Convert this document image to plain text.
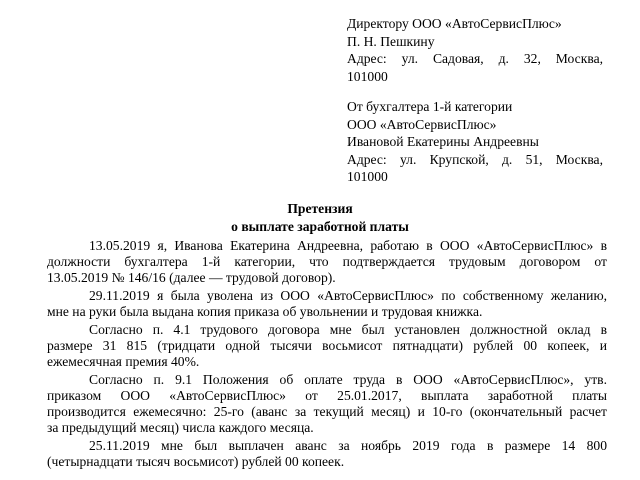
Директору ООО «АвтоСервисПлюс»
П. Н. Пешкину
Адрес: ул. Садовая, д. 32, Москва,
101000
От бухгалтера 1-й категории
ООО «АвтоСервисПлюс»
Ивановой Екатерины Андреевны
Адрес: ул. Крупской, д. 51, Москва,
101000
Претензия
о выплате заработной платы
13.05.2019 я, Иванова Екатерина Андреевна, работаю в ООО «АвтоСервисПлюс» в
должности бухгалтера 1-й категории, что подтверждается трудовым договором от
13.05.2019 № 146/16 (далее — трудовой договор).
29.11.2019 я была уволена из ООО «АвтоСервисПлюс» по собственному желанию,
мне на руки была выдана копия приказа об увольнении и трудовая книжка.
Согласно п. 4.1 трудового договора мне был установлен должностной оклад в
размере 31 815 (тридцати одной тысячи восьмисот пятнадцати) рублей 00 копеек, и
ежемесячная премия 40%.
Согласно п. 9.1 Положения об оплате труда в ООО «АвтоСервисПлюс», утв.
приказом ООО «АвтоСервисПлюс» от 25.01.2017, выплата заработной платы
производится ежемесячно: 25-го (аванс за текущий месяц) и 10-го (окончательный расчет
за предыдущий месяц) числа каждого месяца.
25.11.2019 мне был выплачен аванс за ноябрь 2019 года в размере 14 800
(четырнадцати тысяч восьмисот) рублей 00 копеек.
